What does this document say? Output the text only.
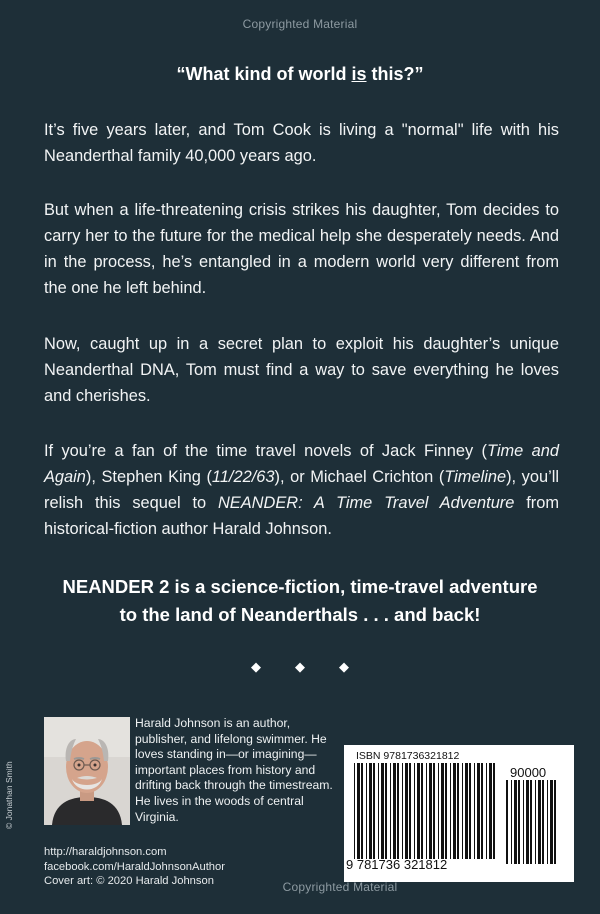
Copyrighted Material
“What kind of world is this?”
It’s five years later, and Tom Cook is living a "normal" life with his Neanderthal family 40,000 years ago.
But when a life-threatening crisis strikes his daughter, Tom decides to carry her to the future for the medical help she desperately needs. And in the process, he’s entangled in a modern world very different from the one he left behind.
Now, caught up in a secret plan to exploit his daughter’s unique Neanderthal DNA, Tom must find a way to save everything he loves and cherishes.
If you’re a fan of the time travel novels of Jack Finney (Time and Again), Stephen King (11/22/63), or Michael Crichton (Timeline), you’ll relish this sequel to NEANDER: A Time Travel Adventure from historical-fiction author Harald Johnson.
NEANDER 2 is a science-fiction, time-travel adventure
to the land of Neanderthals . . . and back!
◆	◆	◆
© Jonathan Smith
Harald Johnson is an author, publisher, and lifelong swimmer. He loves standing in—or imagining—important places from history and drifting back through the timestream. He lives in the woods of central Virginia.
http://haraldjohnson.com
facebook.com/HaraldJohnsonAuthor
Cover art: © 2020 Harald Johnson
ISBN 9781736321812
90000
9 781736 321812
Copyrighted Material
